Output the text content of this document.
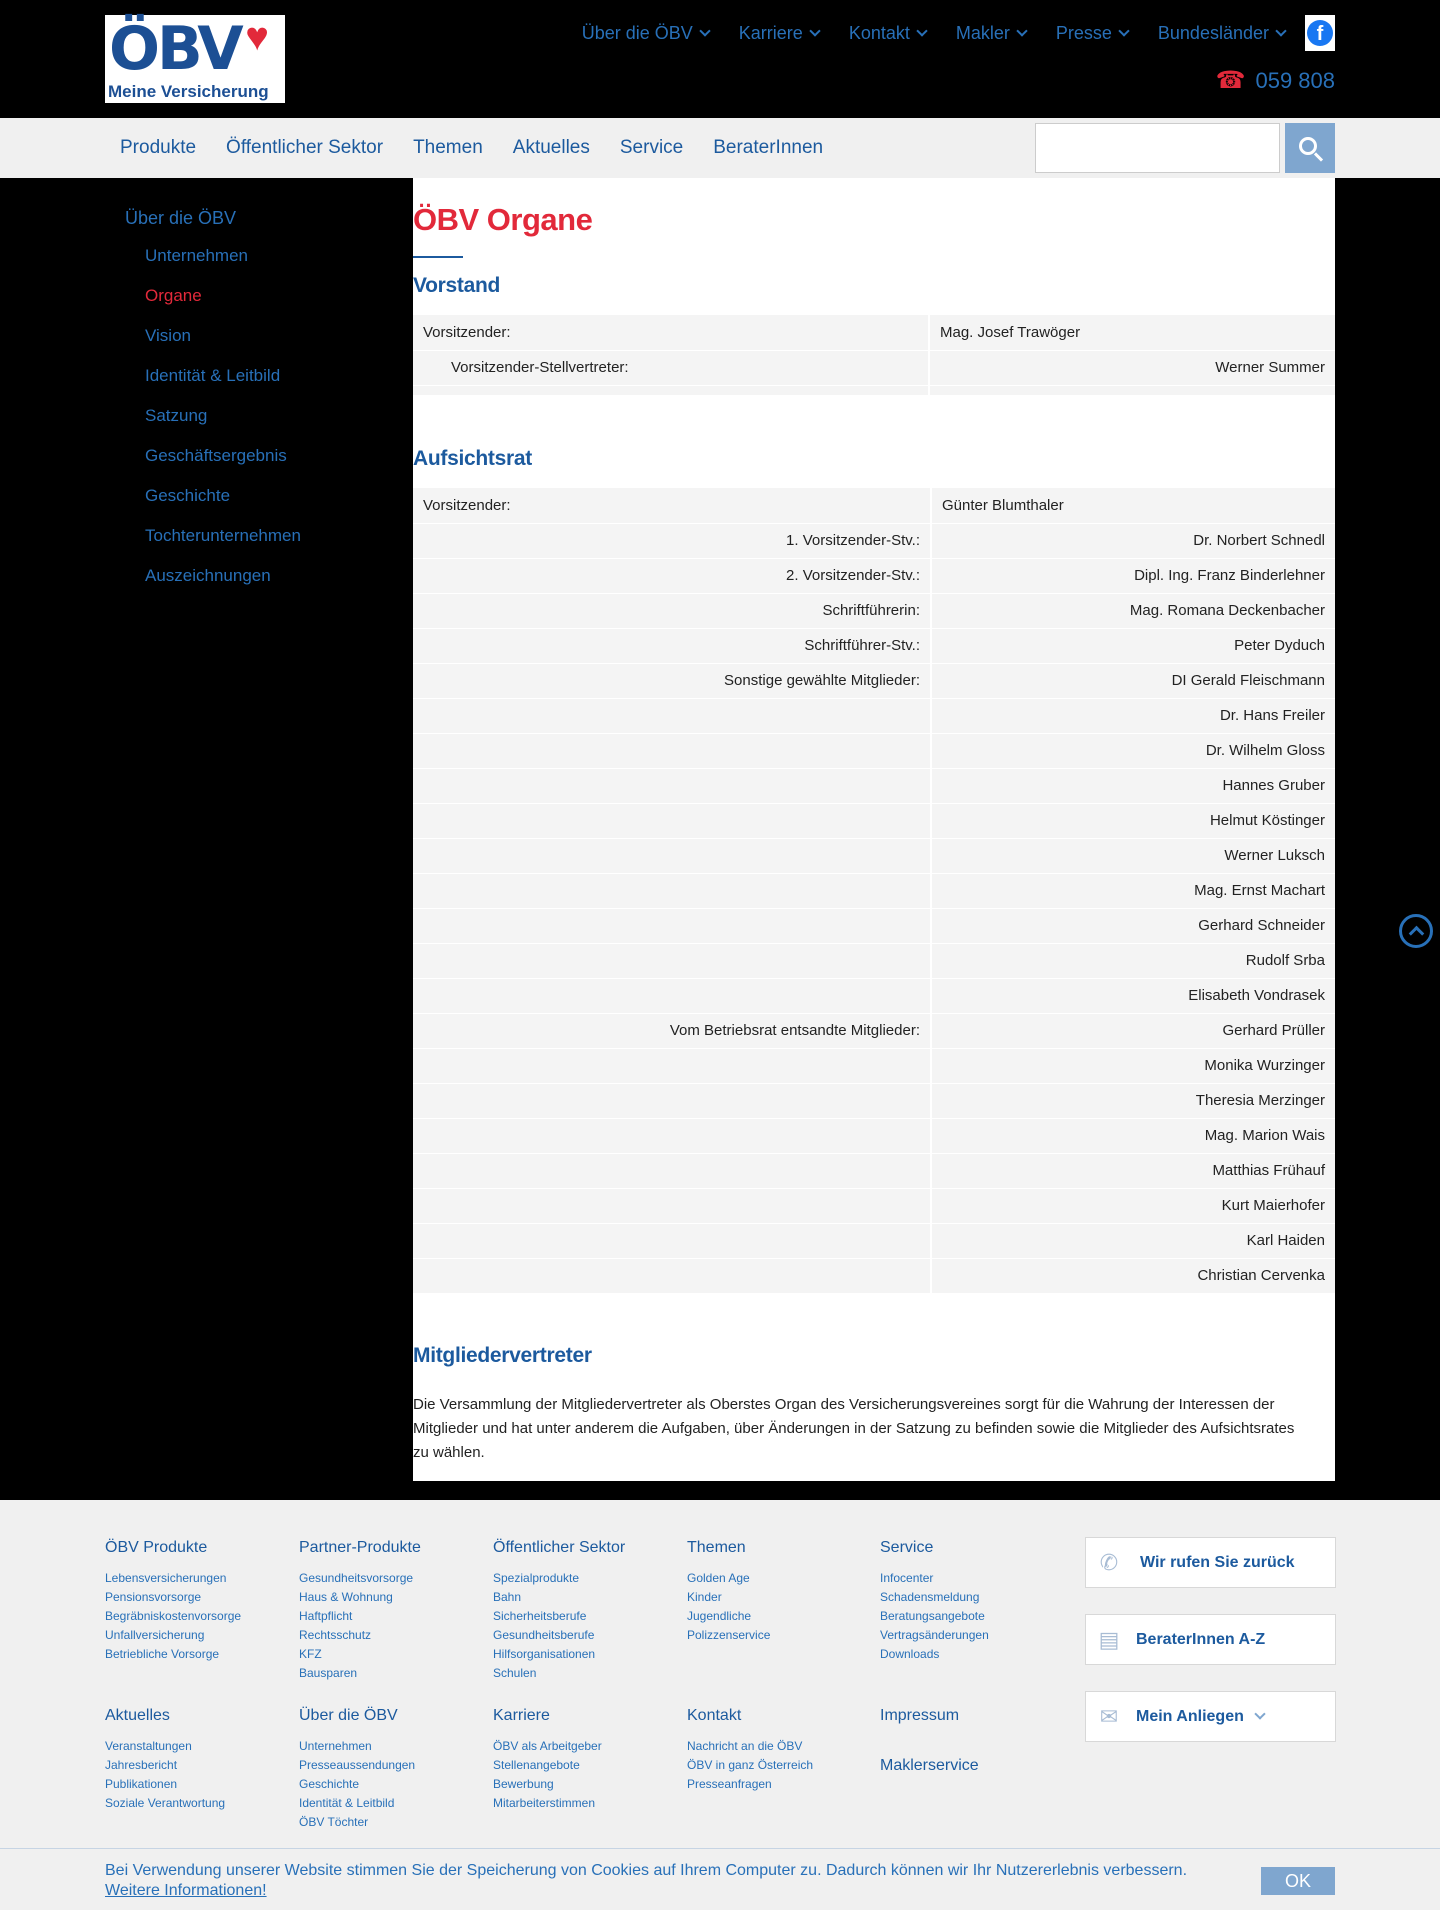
ÖBV ♥
Meine Versicherung
Über die ÖBV	Karriere	Kontakt	Makler	Presse	Bundesländer	f
☎ 059 808
Produkte	Öffentlicher Sektor	Themen	Aktuelles	Service	BeraterInnen
Über die ÖBV
Unternehmen
Organe
Vision
Identität & Leitbild
Satzung
Geschäftsergebnis
Geschichte
Tochterunternehmen
Auszeichnungen
ÖBV Organe
Vorstand
Vorsitzender:	Mag. Josef Trawöger
Vorsitzender-Stellvertreter:	Werner Summer

Aufsichtsrat
Vorsitzender:	Günter Blumthaler
1. Vorsitzender-Stv.:	Dr. Norbert Schnedl
2. Vorsitzender-Stv.:	Dipl. Ing. Franz Binderlehner
Schriftführerin:	Mag. Romana Deckenbacher
Schriftführer-Stv.:	Peter Dyduch
Sonstige gewählte Mitglieder:	DI Gerald Fleischmann
	Dr. Hans Freiler
	Dr. Wilhelm Gloss
	Hannes Gruber
	Helmut Köstinger
	Werner Luksch
	Mag. Ernst Machart
	Gerhard Schneider
	Rudolf Srba
	Elisabeth Vondrasek
Vom Betriebsrat entsandte Mitglieder:	Gerhard Prüller
	Monika Wurzinger
	Theresia Merzinger
	Mag. Marion Wais
	Matthias Frühauf
	Kurt Maierhofer
	Karl Haiden
	Christian Cervenka
Mitgliedervertreter

Die Versammlung der Mitgliedervertreter als Oberstes Organ des Versicherungsvereines sorgt für die Wahrung der Interessen der Mitglieder und hat unter anderem die Aufgaben, über Änderungen in der Satzung zu befinden sowie die Mitglieder des Aufsichtsrates zu wählen.

ÖBV Produkte
Lebensversicherungen
Pensionsvorsorge
Begräbniskostenvorsorge
Unfallversicherung
Betriebliche Vorsorge
Partner-Produkte
Gesundheitsvorsorge
Haus & Wohnung
Haftpflicht
Rechtsschutz
KFZ
Bausparen
Öffentlicher Sektor
Spezialprodukte
Bahn
Sicherheitsberufe
Gesundheitsberufe
Hilfsorganisationen
Schulen
Themen
Golden Age
Kinder
Jugendliche
Polizzenservice
Service
Infocenter
Schadensmeldung
Beratungsangebote
Vertragsänderungen
Downloads
Aktuelles
Veranstaltungen
Jahresbericht
Publikationen
Soziale Verantwortung
Über die ÖBV
Unternehmen
Presseaussendungen
Geschichte
Identität & Leitbild
ÖBV Töchter
Karriere
ÖBV als Arbeitgeber
Stellenangebote
Bewerbung
Mitarbeiterstimmen
Kontakt
Nachricht an die ÖBV
ÖBV in ganz Österreich
Presseanfragen
Impressum
Maklerservice
✆ Wir rufen Sie zurück
▤ BeraterInnen A-Z
✉ Mein Anliegen

Bei Verwendung unserer Website stimmen Sie der Speicherung von Cookies auf Ihrem Computer zu. Dadurch können wir Ihr Nutzererlebnis verbessern. Weitere Informationen!	OK
